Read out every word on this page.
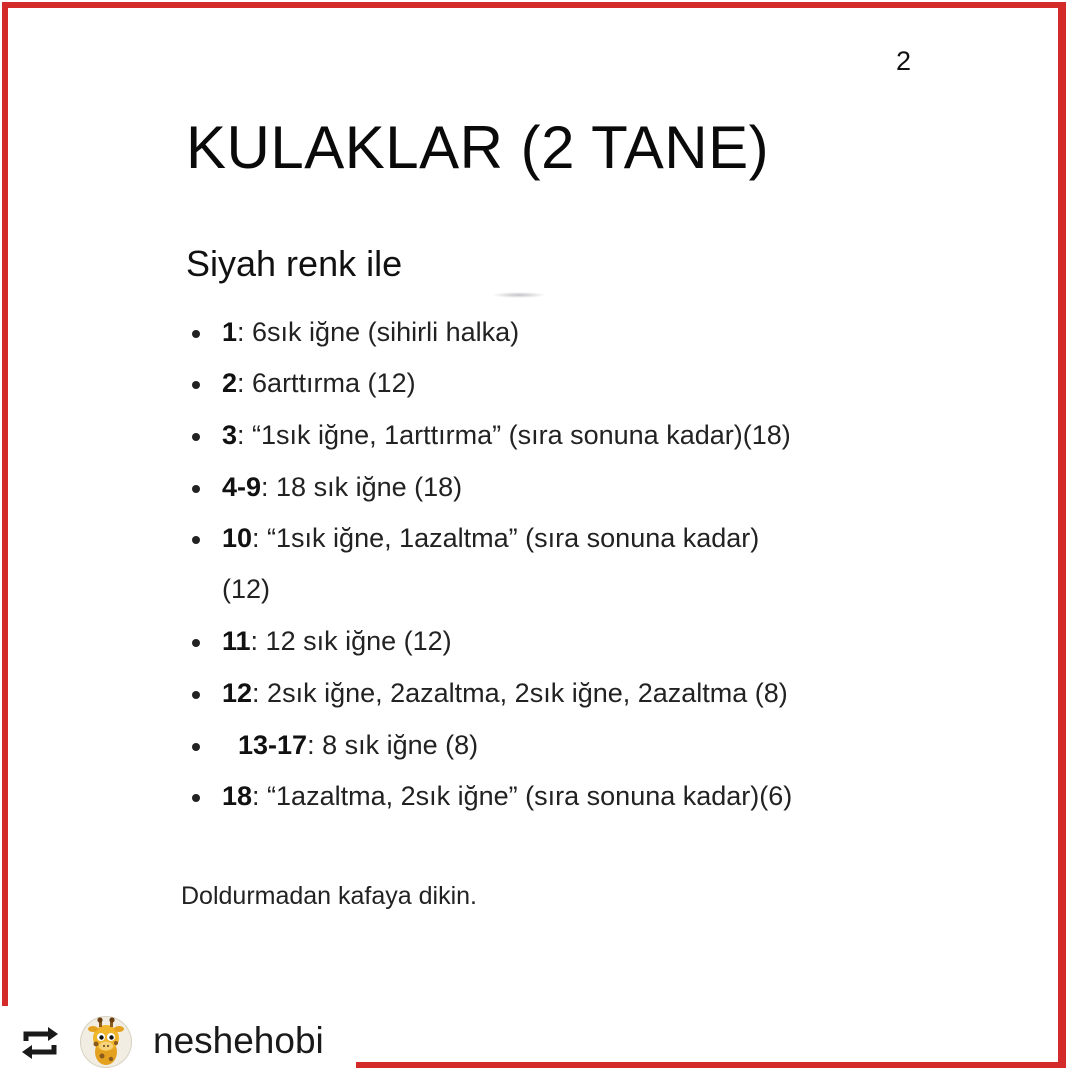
2
KULAKLAR (2 TANE)
Siyah renk ile
1: 6sık iğne (sihirli halka)
2: 6arttırma (12)
3: “1sık iğne, 1arttırma” (sıra sonuna kadar)(18)
4-9: 18 sık iğne (18)
10: “1sık iğne, 1azaltma” (sıra sonuna kadar)
(12)
11: 12 sık iğne (12)
12: 2sık iğne, 2azaltma, 2sık iğne, 2azaltma (8)
13-17: 8 sık iğne (8)
18: “1azaltma, 2sık iğne” (sıra sonuna kadar)(6)
Doldurmadan kafaya dikin.
neshehobi
